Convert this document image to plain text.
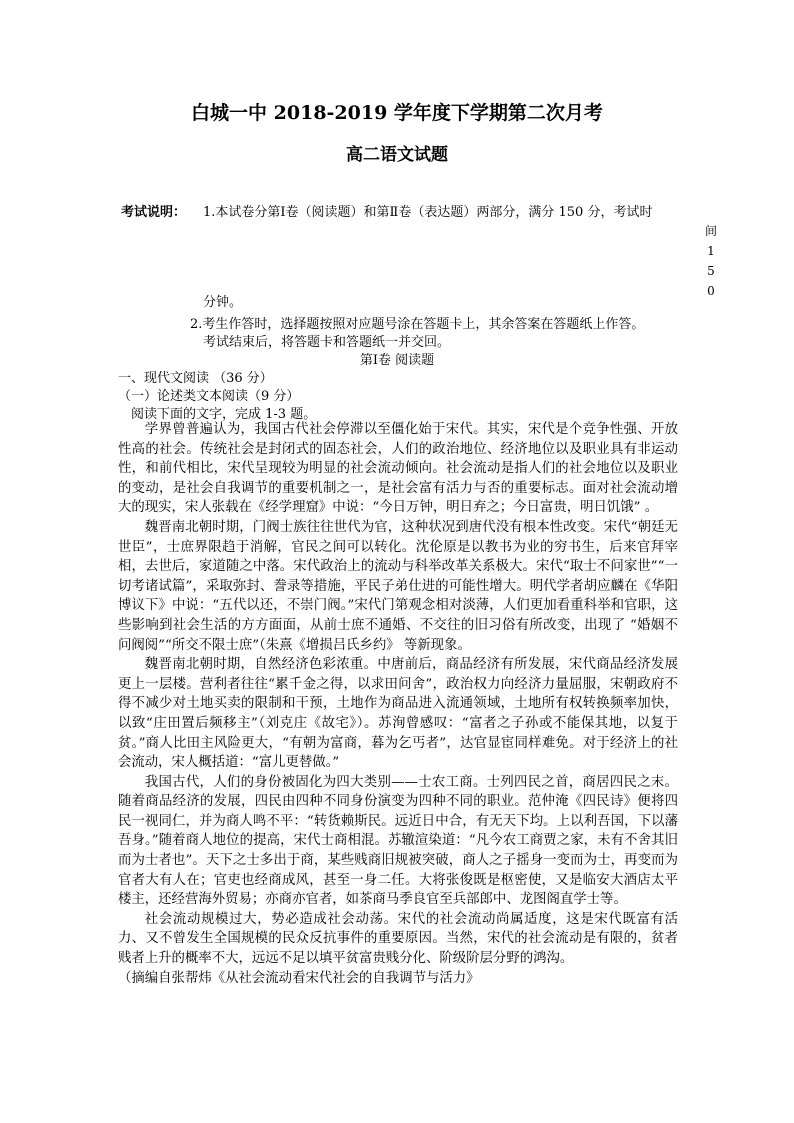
白城一中 2018-2019 学年度下学期第二次月考
高二语文试题
考试说明： 1.本试卷分第Ⅰ卷（阅读题）和第Ⅱ卷（表达题）两部分，满分 150 分，考试时
间
1
5
0
分钟。
2.考生作答时，选择题按照对应题号涂在答题卡上，其余答案在答题纸上作答。
考试结束后，将答题卡和答题纸一并交回。
第Ⅰ卷 阅读题
一、现代文阅读 （36 分）
（一）论述类文本阅读（9 分）
阅读下面的文字，完成 1-3 题。

学界曾普遍认为，我国古代社会停滞以至僵化始于宋代。其实，宋代是个竞争性强、开放性高的社会。传统社会是封闭式的固态社会，人们的政治地位、经济地位以及职业具有非运动性，和前代相比，宋代呈现较为明显的社会流动倾向。社会流动是指人们的社会地位以及职业的变动，是社会自我调节的重要机制之一，是社会富有活力与否的重要标志。面对社会流动增大的现实，宋人张载在《经学理窟》中说：“今日万钟，明日弃之；今日富贵，明日饥饿” 。

魏晋南北朝时期，门阀士族往往世代为官，这种状况到唐代没有根本性改变。宋代“朝廷无世臣”，士庶界限趋于消解，官民之间可以转化。沈伦原是以教书为业的穷书生，后来官拜宰相，去世后，家道随之中落。宋代政治上的流动与科举改革关系极大。宋代“取士不问家世”“一切考诸试篇”，采取弥封、誊录等措施，平民子弟仕进的可能性增大。明代学者胡应麟在《华阳博议下》中说：“五代以还，不崇门阀。”宋代门第观念相对淡薄，人们更加看重科举和官职，这些影响到社会生活的方方面面，从前士庶不通婚、不交往的旧习俗有所改变，出现了 “婚姻不问阀阅”“所交不限士庶”（朱熹《增损吕氏乡约》 等新现象。

魏晋南北朝时期，自然经济色彩浓重。中唐前后，商品经济有所发展，宋代商品经济发展更上一层楼。营利者往往“累千金之得，以求田问舍”，政治权力向经济力量屈服，宋朝政府不得不减少对土地买卖的限制和干预，土地作为商品进入流通领域，土地所有权转换频率加快，以致“庄田置后频移主”（刘克庄《故宅》）。苏洵曾感叹：“富者之子孙或不能保其地，以复于贫。”商人比田主风险更大，“有朝为富商，暮为乞丐者”，达官显宦同样难免。对于经济上的社会流动，宋人概括道：“富儿更替做。”

我国古代，人们的身份被固化为四大类别——士农工商。士列四民之首，商居四民之末。随着商品经济的发展，四民由四种不同身份演变为四种不同的职业。范仲淹《四民诗》便将四民一视同仁，并为商人鸣不平：“转货赖斯民。远近日中合，有无天下均。上以利吾国，下以藩吾身。”随着商人地位的提高，宋代士商相混。苏辙渲染道：“凡今农工商贾之家，未有不舍其旧而为士者也”。天下之士多出于商，某些贱商旧规被突破，商人之子摇身一变而为士，再变而为官者大有人在；官吏也经商成风，甚至一身二任。大将张俊既是枢密使，又是临安大酒店太平楼主，还经营海外贸易；亦商亦官者，如茶商马季良官至兵部郎中、龙图阁直学士等。

社会流动规模过大，势必造成社会动荡。宋代的社会流动尚属适度，这是宋代既富有活力、又不曾发生全国规模的民众反抗事件的重要原因。当然，宋代的社会流动是有限的，贫者贱者上升的概率不大，远远不足以填平贫富贵贱分化、阶级阶层分野的鸿沟。

（摘编自张帮炜《从社会流动看宋代社会的自我调节与活力》
